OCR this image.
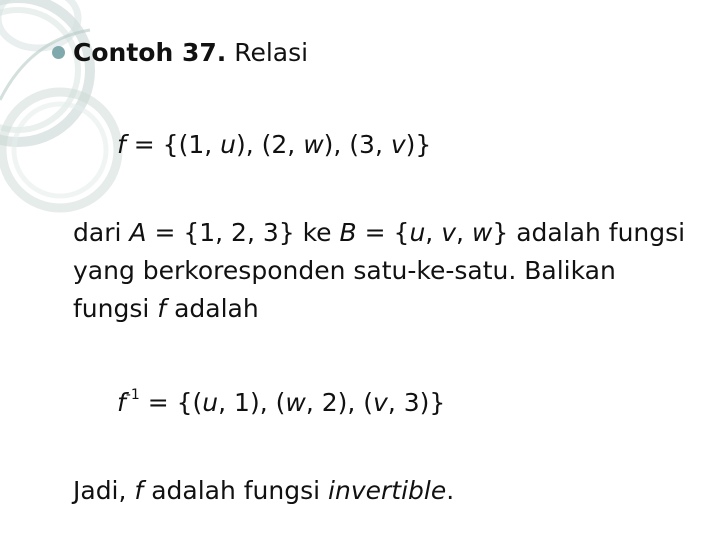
Contoh 37. Relasi
f = {(1, u), (2, w), (3, v)}
dari A = {1, 2, 3} ke B = {u, v, w} adalah fungsi
yang berkoresponden satu-ke-satu. Balikan
fungsi f adalah
$f^{-1} = \{(u$, 1), (w, 2), (v, 3)}
Jadi, f adalah fungsi invertible.
